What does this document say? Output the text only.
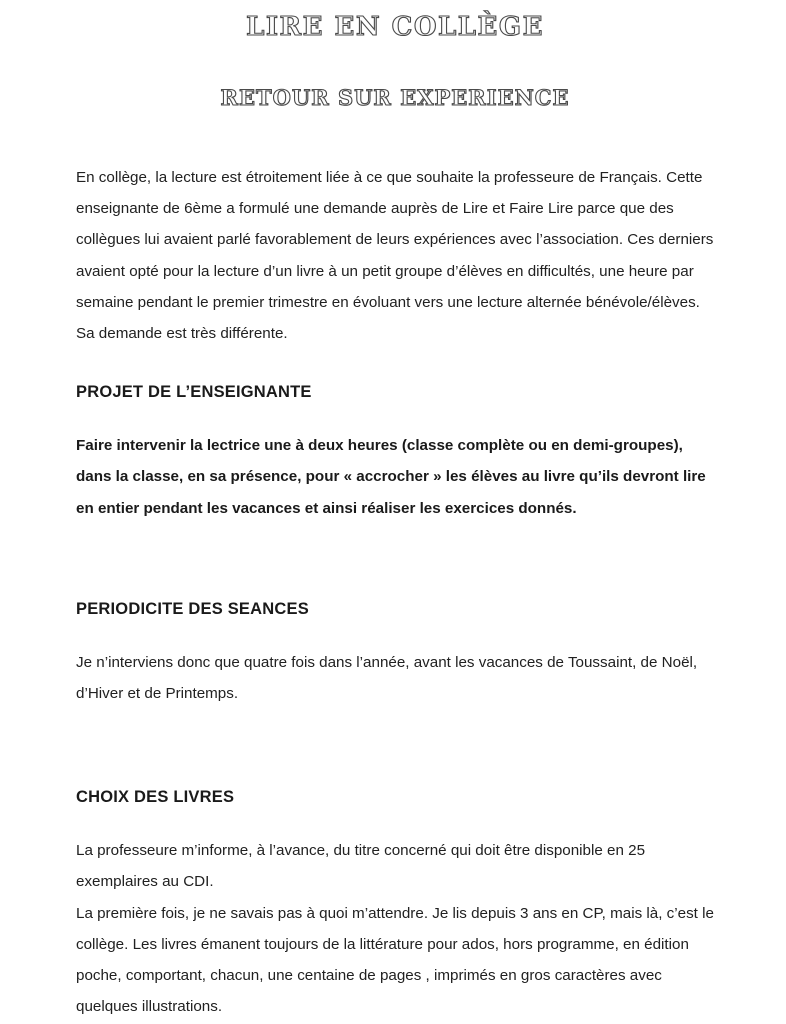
LIRE EN COLLÈGE
RETOUR SUR EXPERIENCE

En collège, la lecture est étroitement liée à ce que souhaite la professeure de Français. Cette enseignante de 6ème a formulé une demande auprès de Lire et Faire Lire parce que des collègues lui avaient parlé favorablement de leurs expériences avec l’association. Ces derniers avaient opté pour la lecture d’un livre à un petit groupe d’élèves en difficultés, une heure par semaine pendant le premier trimestre en évoluant vers une lecture alternée bénévole/élèves. Sa demande est très différente.

PROJET DE L’ENSEIGNANTE

Faire intervenir la lectrice une à deux heures (classe complète ou en demi-groupes), dans la classe, en sa présence, pour « accrocher » les élèves au livre qu’ils devront lire en entier pendant les vacances et ainsi réaliser les exercices donnés.

PERIODICITE DES SEANCES

Je n’interviens donc que quatre fois dans l’année, avant les vacances de Toussaint, de Noël, d’Hiver et de Printemps.

CHOIX DES LIVRES

La professeure m’informe, à l’avance, du titre concerné qui doit être disponible en 25 exemplaires au CDI.

La première fois, je ne savais pas à quoi m’attendre. Je lis depuis 3 ans en CP, mais là, c’est le collège. Les livres émanent toujours de la littérature pour ados, hors programme, en édition poche, comportant, chacun, une centaine de pages , imprimés en gros caractères avec quelques illustrations.
